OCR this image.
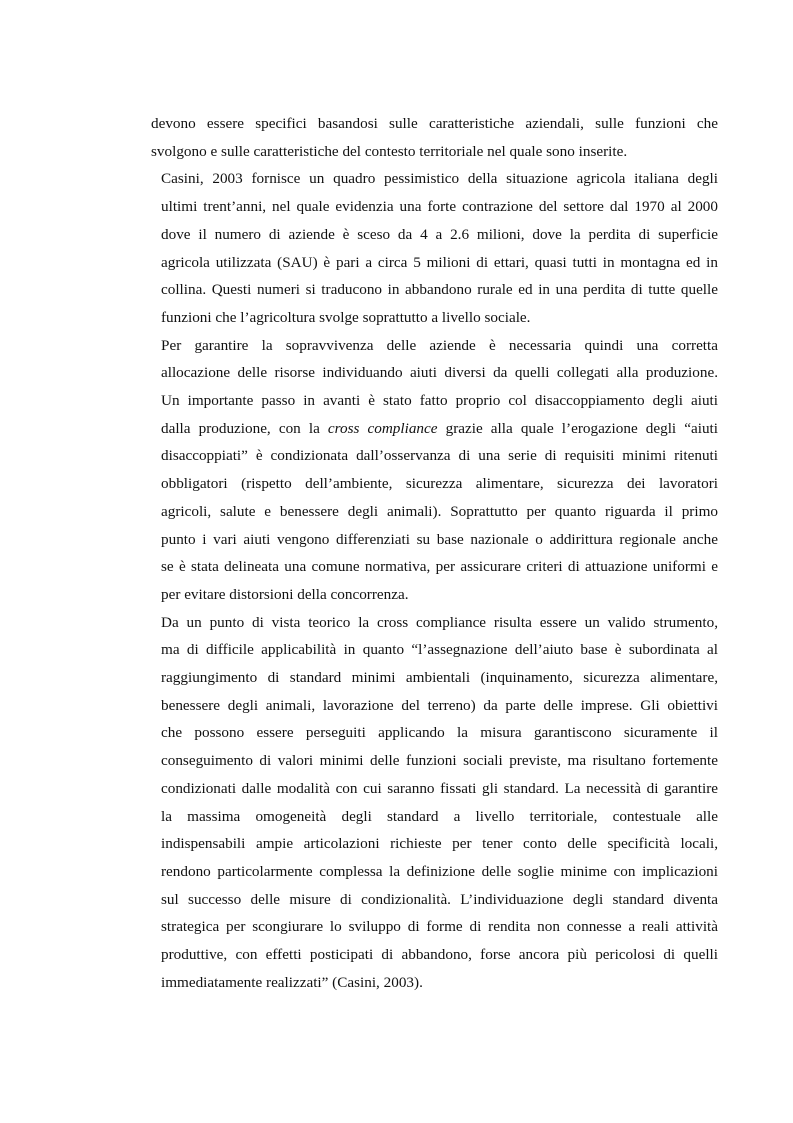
devono essere specifici basandosi sulle caratteristiche aziendali, sulle funzioni che
svolgono e sulle caratteristiche del contesto territoriale nel quale sono inserite.

Casini, 2003 fornisce un quadro pessimistico della situazione agricola italiana degli
ultimi trent’anni, nel quale evidenzia una forte contrazione del settore dal 1970 al 2000
dove il numero di aziende è sceso da 4 a 2.6 milioni, dove la perdita di superficie
agricola utilizzata (SAU) è pari a circa 5 milioni di ettari, quasi tutti in montagna ed in
collina. Questi numeri si traducono in abbandono rurale ed in una perdita di tutte quelle
funzioni che l’agricoltura svolge soprattutto a livello sociale.

Per garantire la sopravvivenza delle aziende è necessaria quindi una corretta
allocazione delle risorse individuando aiuti diversi da quelli collegati alla produzione.
Un importante passo in avanti è stato fatto proprio col disaccoppiamento degli aiuti
dalla produzione, con la cross compliance grazie alla quale l’erogazione degli “aiuti
disaccoppiati” è condizionata dall’osservanza di una serie di requisiti minimi ritenuti
obbligatori (rispetto dell’ambiente, sicurezza alimentare, sicurezza dei lavoratori
agricoli, salute e benessere degli animali). Soprattutto per quanto riguarda il primo
punto i vari aiuti vengono differenziati su base nazionale o addirittura regionale anche
se è stata delineata una comune normativa, per assicurare criteri di attuazione uniformi e
per evitare distorsioni della concorrenza.

Da un punto di vista teorico la cross compliance risulta essere un valido strumento,
ma di difficile applicabilità in quanto “l’assegnazione dell’aiuto base è subordinata al
raggiungimento di standard minimi ambientali (inquinamento, sicurezza alimentare,
benessere degli animali, lavorazione del terreno) da parte delle imprese. Gli obiettivi
che possono essere perseguiti applicando la misura garantiscono sicuramente il
conseguimento di valori minimi delle funzioni sociali previste, ma risultano fortemente
condizionati dalle modalità con cui saranno fissati gli standard. La necessità di garantire
la massima omogeneità degli standard a livello territoriale, contestuale alle
indispensabili ampie articolazioni richieste per tener conto delle specificità locali,
rendono particolarmente complessa la definizione delle soglie minime con implicazioni
sul successo delle misure di condizionalità. L’individuazione degli standard diventa
strategica per scongiurare lo sviluppo di forme di rendita non connesse a reali attività
produttive, con effetti posticipati di abbandono, forse ancora più pericolosi di quelli
immediatamente realizzati” (Casini, 2003).
